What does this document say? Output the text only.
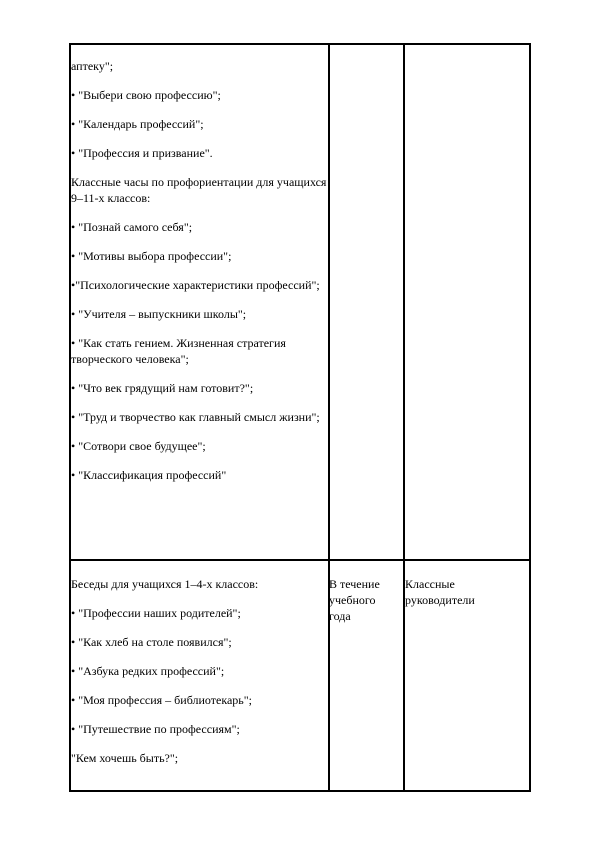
аптеку";

• "Выбери свою профессию";

• "Календарь профессий";

• "Профессия и призвание".

Классные часы по профориентации для учащихся 9–11-х классов:

• "Познай самого себя";

• "Мотивы выбора профессии";

•"Психологические характеристики профессий";

• "Учителя – выпускники школы";

• "Как стать гением. Жизненная стратегия творческого человека";

• "Что век грядущий нам готовит?";

• "Труд и творчество как главный смысл жизни";

• "Сотвори свое будущее";

• "Классификация профессий"

Беседы для учащихся 1–4-х классов:

• "Профессии наших родителей";

• "Как хлеб на столе появился";

• "Азбука редких профессий";

• "Моя профессия – библиотекарь";

• "Путешествие по профессиям";

"Кем хочешь быть?";

В течение учебного года
Классные руководители
